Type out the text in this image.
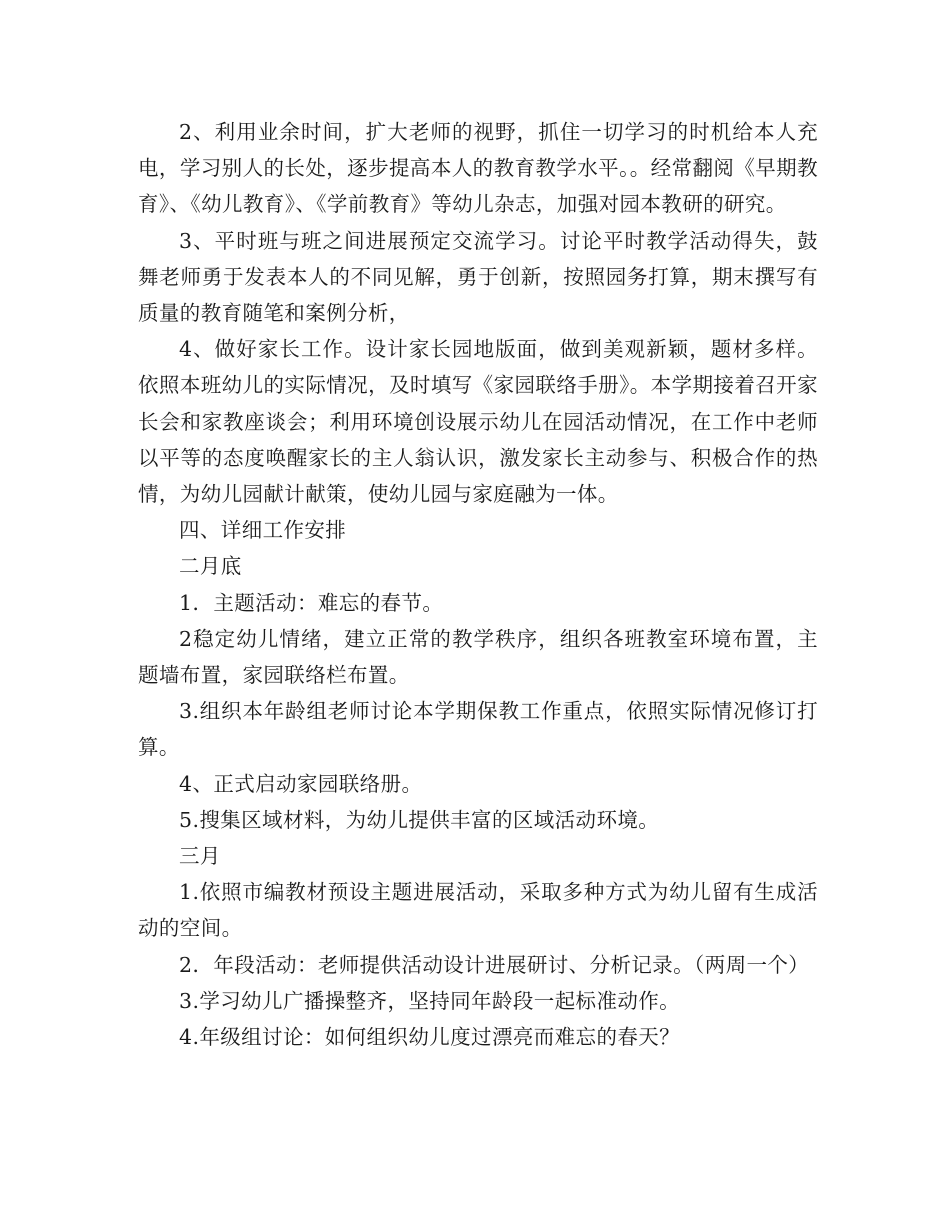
2、利用业余时间，扩大老师的视野，抓住一切学习的时机给本人充电，学习别人的长处，逐步提高本人的教育教学水平。。经常翻阅《早期教育》、《幼儿教育》、《学前教育》等幼儿杂志，加强对园本教研的研究。

3、平时班与班之间进展预定交流学习。讨论平时教学活动得失，鼓舞老师勇于发表本人的不同见解，勇于创新，按照园务打算，期末撰写有质量的教育随笔和案例分析，

4、做好家长工作。设计家长园地版面，做到美观新颖，题材多样。依照本班幼儿的实际情况，及时填写《家园联络手册》。本学期接着召开家长会和家教座谈会；利用环境创设展示幼儿在园活动情况，在工作中老师以平等的态度唤醒家长的主人翁认识，激发家长主动参与、积极合作的热情，为幼儿园献计献策，使幼儿园与家庭融为一体。

四、详细工作安排

二月底

1．主题活动：难忘的春节。

2稳定幼儿情绪，建立正常的教学秩序，组织各班教室环境布置，主题墙布置，家园联络栏布置。

3.组织本年龄组老师讨论本学期保教工作重点，依照实际情况修订打算。

4、正式启动家园联络册。

5.搜集区域材料，为幼儿提供丰富的区域活动环境。

三月

1.依照市编教材预设主题进展活动，采取多种方式为幼儿留有生成活动的空间。

2．年段活动：老师提供活动设计进展研讨、分析记录。（两周一个）

3.学习幼儿广播操整齐，坚持同年龄段一起标准动作。

4.年级组讨论：如何组织幼儿度过漂亮而难忘的春天？
